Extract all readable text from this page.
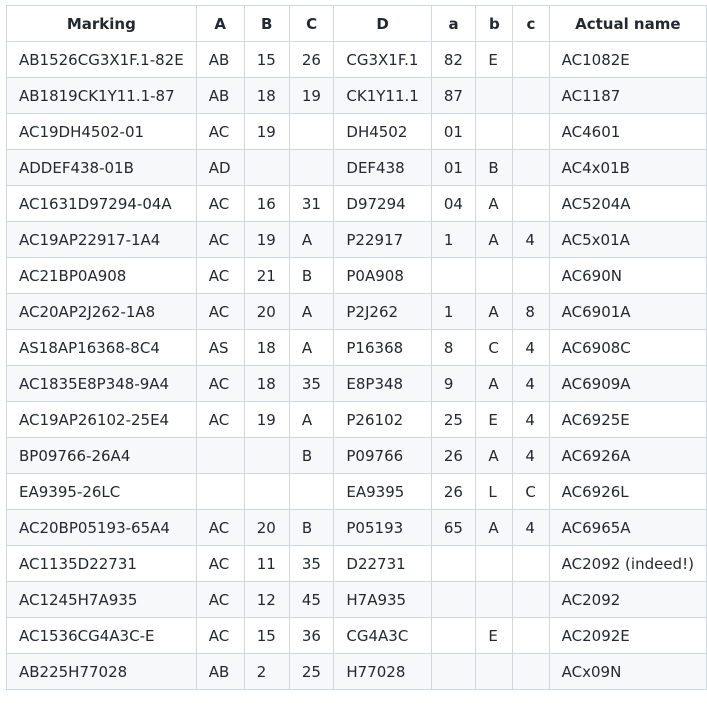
Marking	A	B	C	D	a	b	c	Actual name
AB1526CG3X1F.1-82E	AB	15	26	CG3X1F.1	82	E		AC1082E
AB1819CK1Y11.1-87	AB	18	19	CK1Y11.1	87			AC1187
AC19DH4502-01	AC	19		DH4502	01			AC4601
ADDEF438-01B	AD			DEF438	01	B		AC4x01B
AC1631D97294-04A	AC	16	31	D97294	04	A		AC5204A
AC19AP22917-1A4	AC	19	A	P22917	1	A	4	AC5x01A
AC21BP0A908	AC	21	B	P0A908				AC690N
AC20AP2J262-1A8	AC	20	A	P2J262	1	A	8	AC6901A
AS18AP16368-8C4	AS	18	A	P16368	8	C	4	AC6908C
AC1835E8P348-9A4	AC	18	35	E8P348	9	A	4	AC6909A
AC19AP26102-25E4	AC	19	A	P26102	25	E	4	AC6925E
BP09766-26A4			B	P09766	26	A	4	AC6926A
EA9395-26LC				EA9395	26	L	C	AC6926L
AC20BP05193-65A4	AC	20	B	P05193	65	A	4	AC6965A
AC1135D22731	AC	11	35	D22731				AC2092 (indeed!)
AC1245H7A935	AC	12	45	H7A935				AC2092
AC1536CG4A3C-E	AC	15	36	CG4A3C		E		AC2092E
AB225H77028	AB	2	25	H77028				ACx09N
